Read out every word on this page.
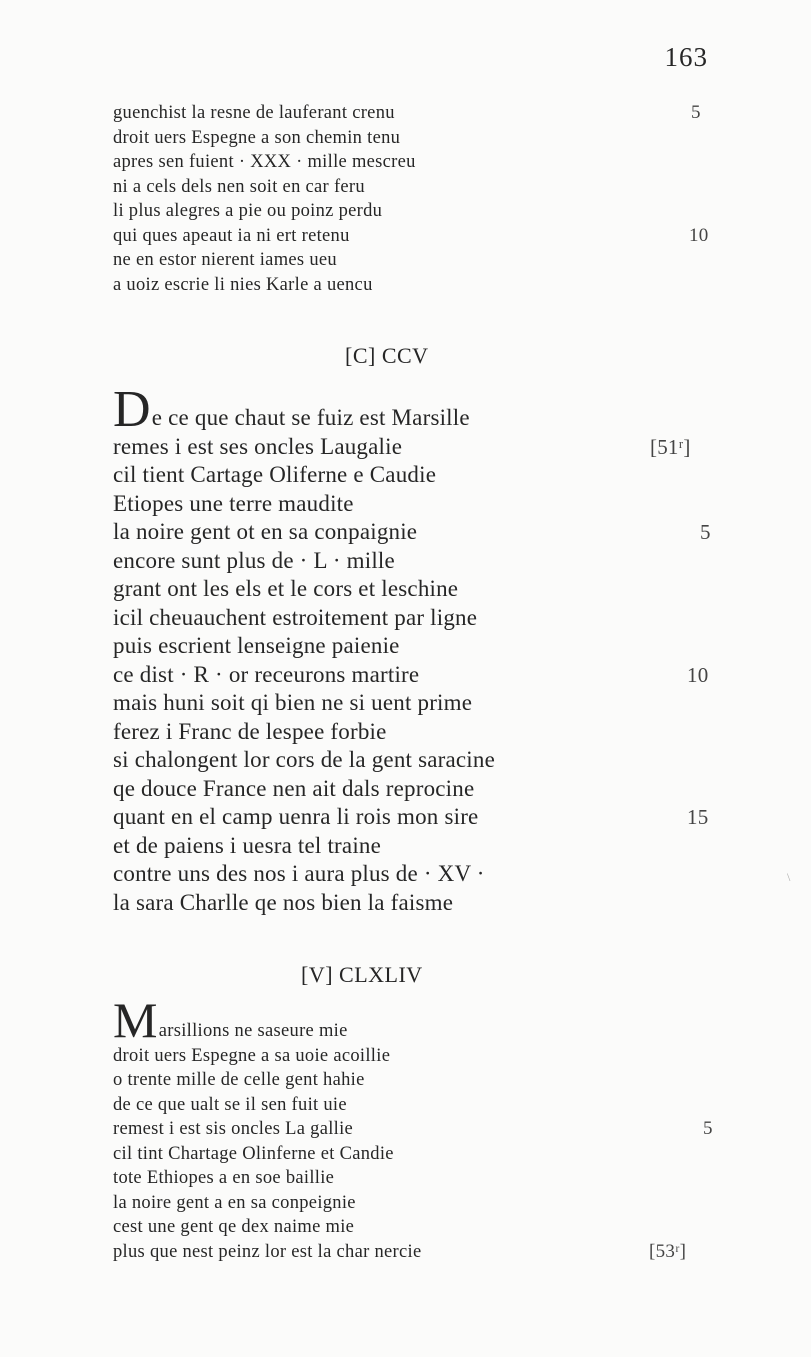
163
guenchist la resne de lauferant crenu	5
droit uers Espegne a son chemin tenu
apres sen fuient · XXX · mille mescreu
ni a cels dels nen soit en car feru
li plus alegres a pie ou poinz perdu
qui ques apeaut ia ni ert retenu	10
ne en estor nierent iames ueu
a uoiz escrie li nies Karle a uencu
[C] CCV
De ce que chaut se fuiz est Marsille
remes i est ses oncles Laugalie	[51ʳ]
cil tient Cartage Oliferne e Caudie
Etiopes une terre maudite
la noire gent ot en sa conpaignie	5
encore sunt plus de · L · mille
grant ont les els et le cors et leschine
icil cheuauchent estroitement par ligne
puis escrient lenseigne paienie
ce dist · R · or receurons martire	10
mais huni soit qi bien ne si uent prime
ferez i Franc de lespee forbie
si chalongent lor cors de la gent saracine
qe douce France nen ait dals reprocine
quant en el camp uenra li rois mon sire	15
et de paiens i uesra tel traine
contre uns des nos i aura plus de · XV ·
la sara Charlle qe nos bien la faisme
\
[V] CLXLIV
Marsillions ne saseure mie
droit uers Espegne a sa uoie acoillie
o trente mille de celle gent hahie
de ce que ualt se il sen fuit uie
remest i est sis oncles La gallie	5
cil tint Chartage Olinferne et Candie
tote Ethiopes a en soe baillie
la noire gent a en sa conpeignie
cest une gent qe dex naime mie
plus que nest peinz lor est la char nercie	[53ʳ]
